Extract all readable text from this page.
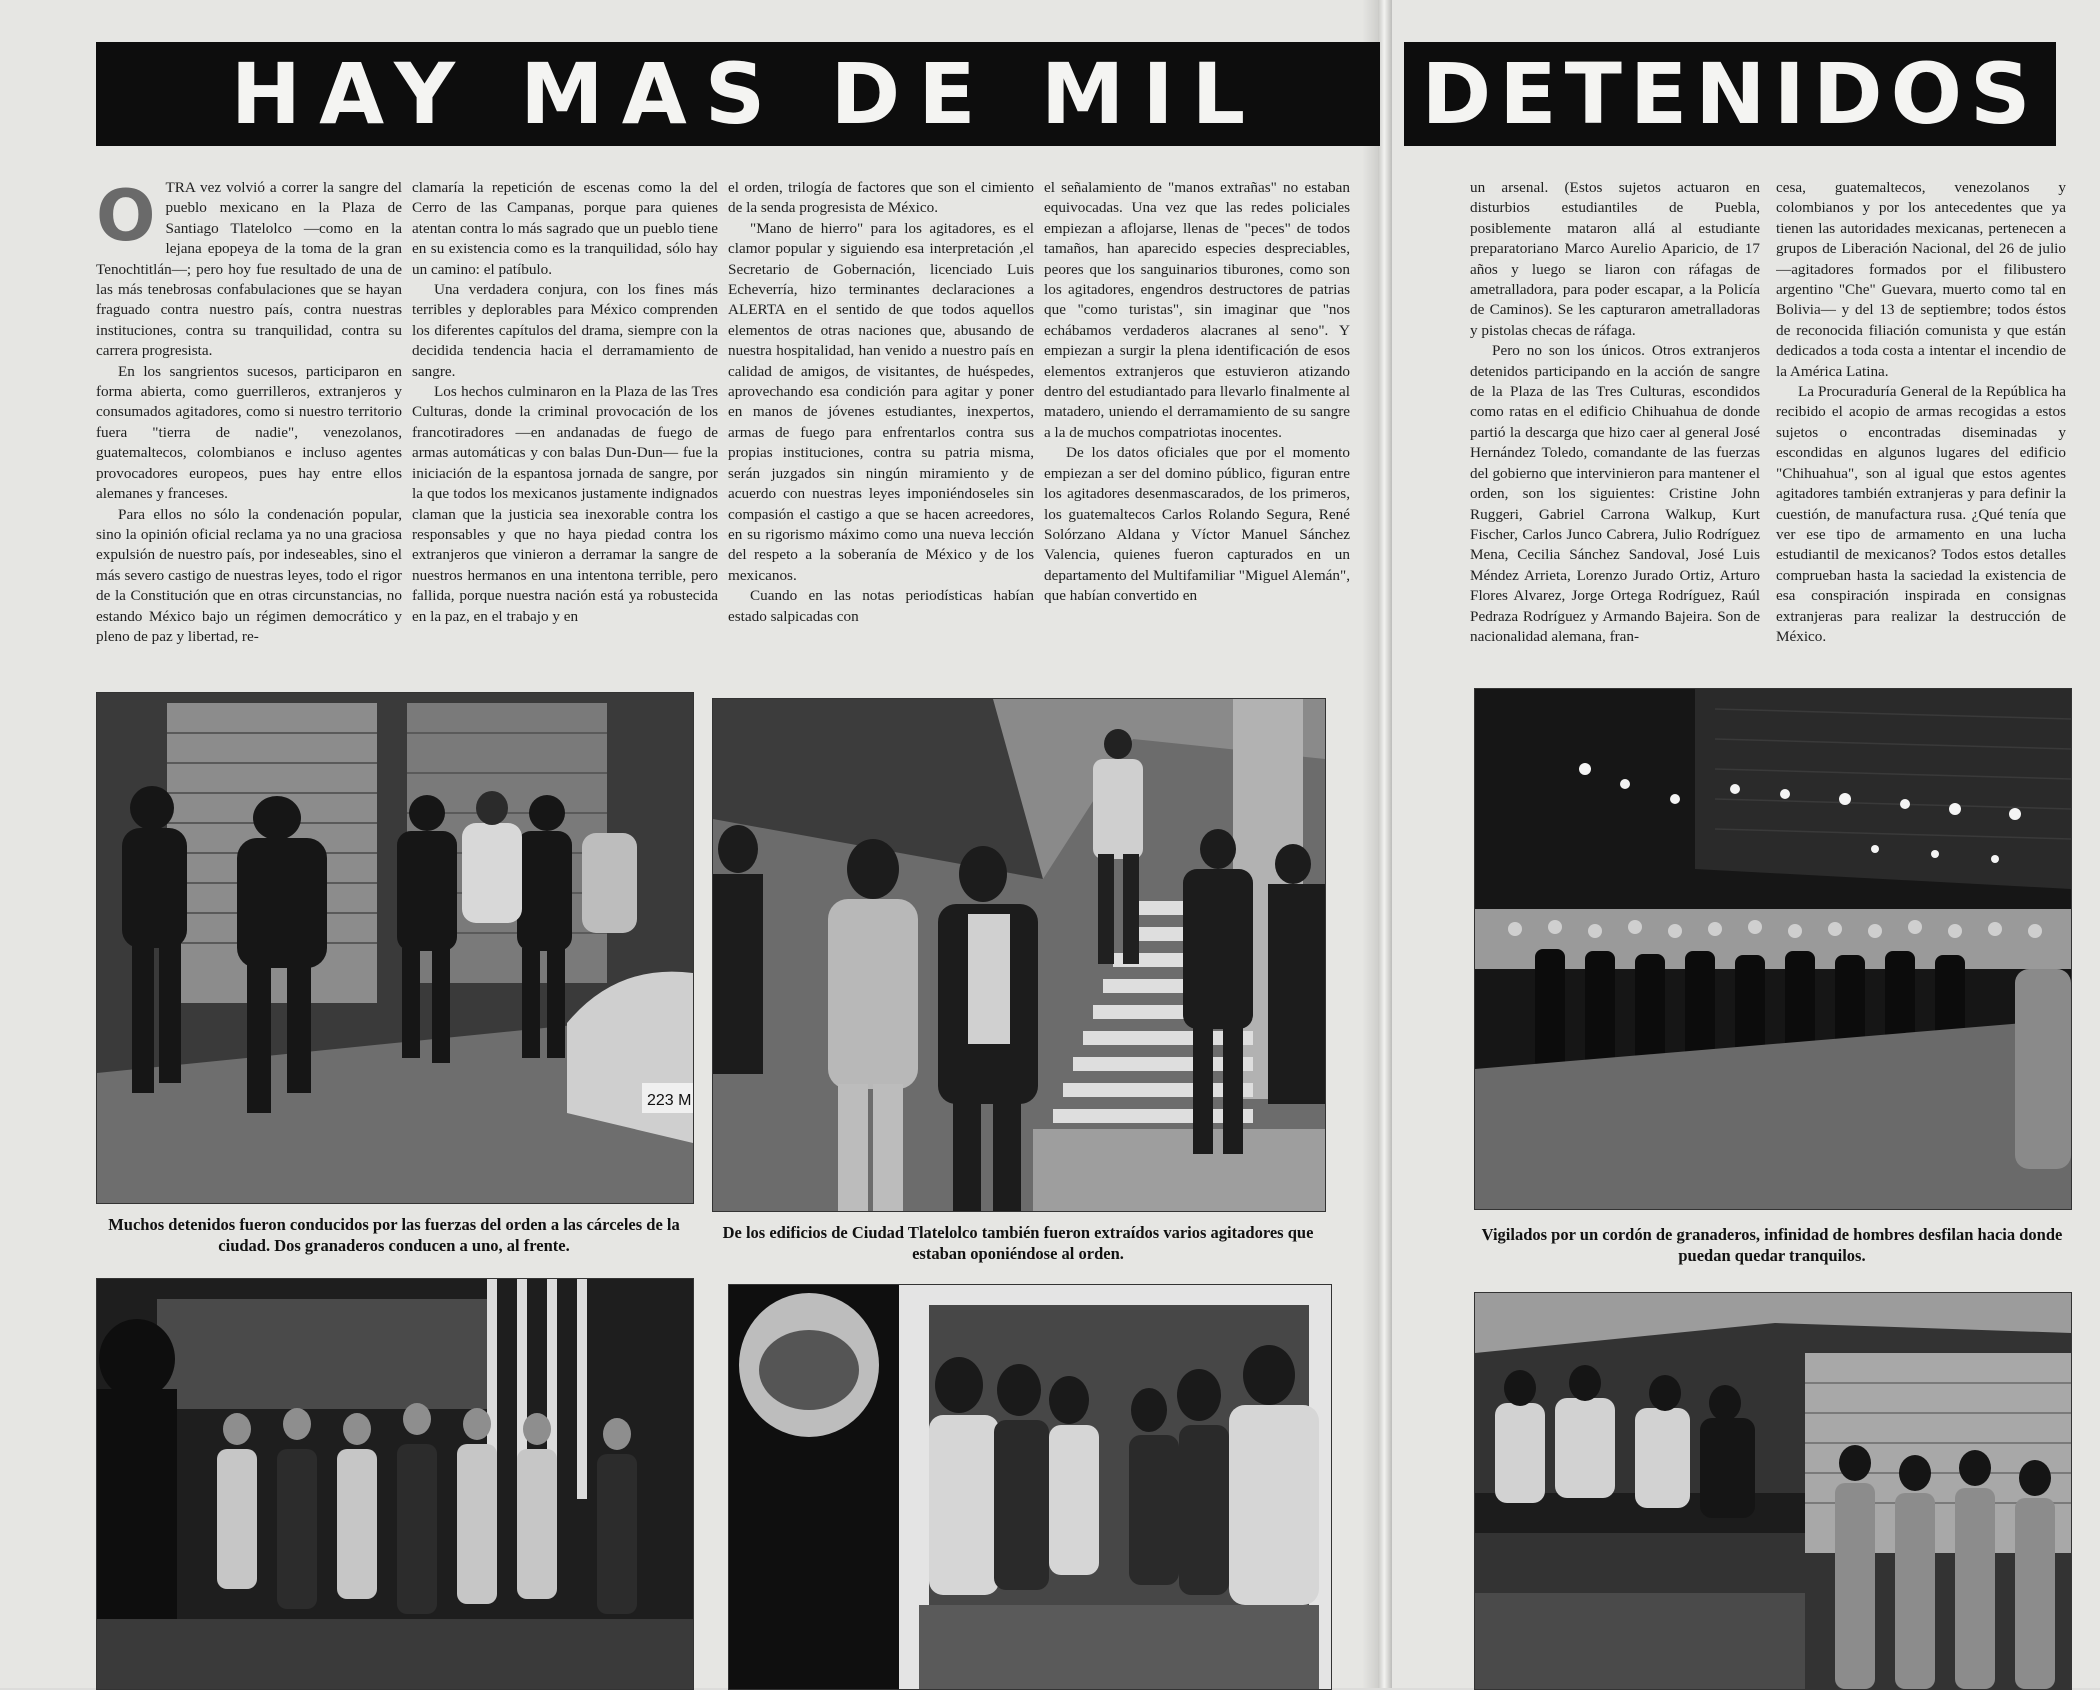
HAY MAS DE MIL	DETENIDOS
O TRA vez volvió a correr la sangre del pueblo mexicano en la Plaza de Santiago Tlatelolco —como en la lejana epopeya de la toma de la gran Tenochtitlán—; pero hoy fue resultado de una de las más tenebrosas confabulaciones que se hayan fraguado contra nuestro país, contra nuestras instituciones, contra su tranquilidad, contra su carrera progresista.

En los sangrientos sucesos, participaron en forma abierta, como guerrilleros, extranjeros y consumados agitadores, como si nuestro territorio fuera "tierra de nadie", venezolanos, guatemaltecos, colombianos e incluso agentes provocadores europeos, pues hay entre ellos alemanes y franceses.

Para ellos no sólo la condenación popular, sino la opinión oficial reclama ya no una graciosa expulsión de nuestro país, por indeseables, sino el más severo castigo de nuestras leyes, todo el rigor de la Constitución que en otras circunstancias, no estando México bajo un régimen democrático y pleno de paz y libertad, re-

clamaría la repetición de escenas como la del Cerro de las Campanas, porque para quienes atentan contra lo más sagrado que un pueblo tiene en su existencia como es la tranquilidad, sólo hay un camino: el patíbulo.

Una verdadera conjura, con los fines más terribles y deplorables para México comprenden los diferentes capítulos del drama, siempre con la decidida tendencia hacia el derramamiento de sangre.

Los hechos culminaron en la Plaza de las Tres Culturas, donde la criminal provocación de los francotiradores —en andanadas de fuego de armas automáticas y con balas Dun-Dun— fue la iniciación de la espantosa jornada de sangre, por la que todos los mexicanos justamente indignados claman que la justicia sea inexorable contra los responsables y que no haya piedad contra los extranjeros que vinieron a derramar la sangre de nuestros hermanos en una intentona terrible, pero fallida, porque nuestra nación está ya robustecida en la paz, en el trabajo y en

el orden, trilogía de factores que son el cimiento de la senda progresista de México.

"Mano de hierro" para los agitadores, es el clamor popular y siguiendo esa interpretación ,el Secretario de Gobernación, licenciado Luis Echeverría, hizo terminantes declaraciones a ALERTA en el sentido de que todos aquellos elementos de otras naciones que, abusando de nuestra hospitalidad, han venido a nuestro país en calidad de amigos, de visitantes, de huéspedes, aprovechando esa condición para agitar y poner en manos de jóvenes estudiantes, inexpertos, armas de fuego para enfrentarlos contra sus propias instituciones, contra su patria misma, serán juzgados sin ningún miramiento y de acuerdo con nuestras leyes imponiéndoseles sin compasión el castigo a que se hacen acreedores, en su rigorismo máximo como una nueva lección del respeto a la soberanía de México y de los mexicanos.

Cuando en las notas periodísticas habían estado salpicadas con

el señalamiento de "manos extrañas" no estaban equivocadas. Una vez que las redes policiales empiezan a aflojarse, llenas de "peces" de todos tamaños, han aparecido especies despreciables, peores que los sanguinarios tiburones, como son los agitadores, engendros destructores de patrias que "como turistas", sin imaginar que "nos echábamos verdaderos alacranes al seno". Y empiezan a surgir la plena identificación de esos elementos extranjeros que estuvieron atizando dentro del estudiantado para llevarlo finalmente al matadero, uniendo el derramamiento de su sangre a la de muchos compatriotas inocentes.

De los datos oficiales que por el momento empiezan a ser del domino público, figuran entre los agitadores desenmascarados, de los primeros, los guatemaltecos Carlos Rolando Segura, René Solórzano Aldana y Víctor Manuel Sánchez Valencia, quienes fueron capturados en un departamento del Multifamiliar "Miguel Alemán", que habían convertido en

un arsenal. (Estos sujetos actuaron en disturbios estudiantiles de Puebla, posiblemente mataron allá al estudiante preparatoriano Marco Aurelio Aparicio, de 17 años y luego se liaron con ráfagas de ametralladora, para poder escapar, a la Policía de Caminos). Se les capturaron ametralladoras y pistolas checas de ráfaga.

Pero no son los únicos. Otros extranjeros detenidos participando en la acción de sangre de la Plaza de las Tres Culturas, escondidos como ratas en el edificio Chihuahua de donde partió la descarga que hizo caer al general José Hernández Toledo, comandante de las fuerzas del gobierno que intervinieron para mantener el orden, son los siguientes: Cristine John Ruggeri, Gabriel Carrona Walkup, Kurt Fischer, Carlos Junco Cabrera, Julio Rodríguez Mena, Cecilia Sánchez Sandoval, José Luis Méndez Arrieta, Lorenzo Jurado Ortiz, Arturo Flores Alvarez, Jorge Ortega Rodríguez, Raúl Pedraza Rodríguez y Armando Bajeira. Son de nacionalidad alemana, fran-

cesa, guatemaltecos, venezolanos y colombianos y por los antecedentes que ya tienen las autoridades mexicanas, pertenecen a grupos de Liberación Nacional, del 26 de julio —agitadores formados por el filibustero argentino "Che" Guevara, muerto como tal en Bolivia— y del 13 de septiembre; todos éstos de reconocida filiación comunista y que están dedicados a toda costa a intentar el incendio de la América Latina.

La Procuraduría General de la República ha recibido el acopio de armas recogidas a estos sujetos o encontradas diseminadas y escondidas en algunos lugares del edificio "Chihuahua", son al igual que estos agentes agitadores también extranjeras y para definir la cuestión, de manufactura rusa. ¿Qué tenía que ver ese tipo de armamento en una lucha estudiantil de mexicanos? Todos estos detalles comprueban hasta la saciedad la existencia de esa conspiración inspirada en consignas extranjeras para realizar la destrucción de México.

223 M
Muchos detenidos fueron conducidos por las fuerzas del orden a las cárceles de la ciudad. Dos granaderos conducen a uno, al frente.
De los edificios de Ciudad Tlatelolco también fueron extraídos varios agitadores que estaban oponiéndose al orden.
Vigilados por un cordón de granaderos, infinidad de hombres desfilan hacia donde puedan quedar tranquilos.
